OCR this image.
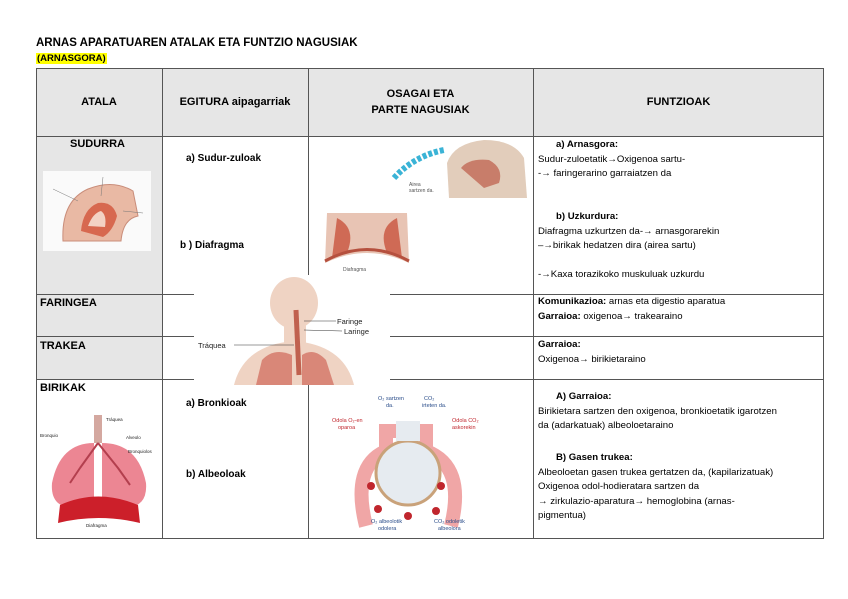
ARNAS APARATUAREN ATALAK ETA FUNTZIO NAGUSIAK
(ARNASGORA)
ATALA	EGITURA aipagarriak
OSAGAI ETA
PARTE NAGUSIAK
FUNTZIOAK
SUDURRA
FARINGEA
TRAKEA
BIRIKAK
a) Sudur-zuloak
b ) Diafragma
a) Bronkioak
b) Albeoloak
a) Arnasgora:
Sudur-zuloetatik→Oxigenoa sartu-
-→ faringerarino garraiatzen da
b) Uzkurdura:
Diafragma uzkurtzen da-→ arnasgorarekin
–→birikak hedatzen dira (airea sartu)
-→Kaxa torazikoko muskuluak uzkurdu
Komunikazioa: arnas eta digestio aparatua
Garraioa: oxigenoa→ trakearaino
Garraioa:
Oxigenoa→ birikietaraino
A) Garraioa:
Birikietara sartzen den oxigenoa, bronkioetatik igarotzen
da (adarkatuak) albeoloetaraino
B) Gasen trukea:
Albeoloetan gasen trukea gertatzen da, (kapilarizatuak)
Oxigenoa odol-hodieratara sartzen da
→ zirkulazio-aparatura→ hemoglobina (arnas-
pigmentua)
Airea
sartzen da.
Diafragma
Faringe
Laringe
Tráquea
Tráquea
Bronquio	Alveolo
Bronquiolos
Diafragma
O₂ sartzen
da.
CO₂
irteten da.
Odola O₂-en
oparoa
Odola CO₂
askorekin
O₂ albeolotik
odolera
CO₂ odoletik
albeolora
